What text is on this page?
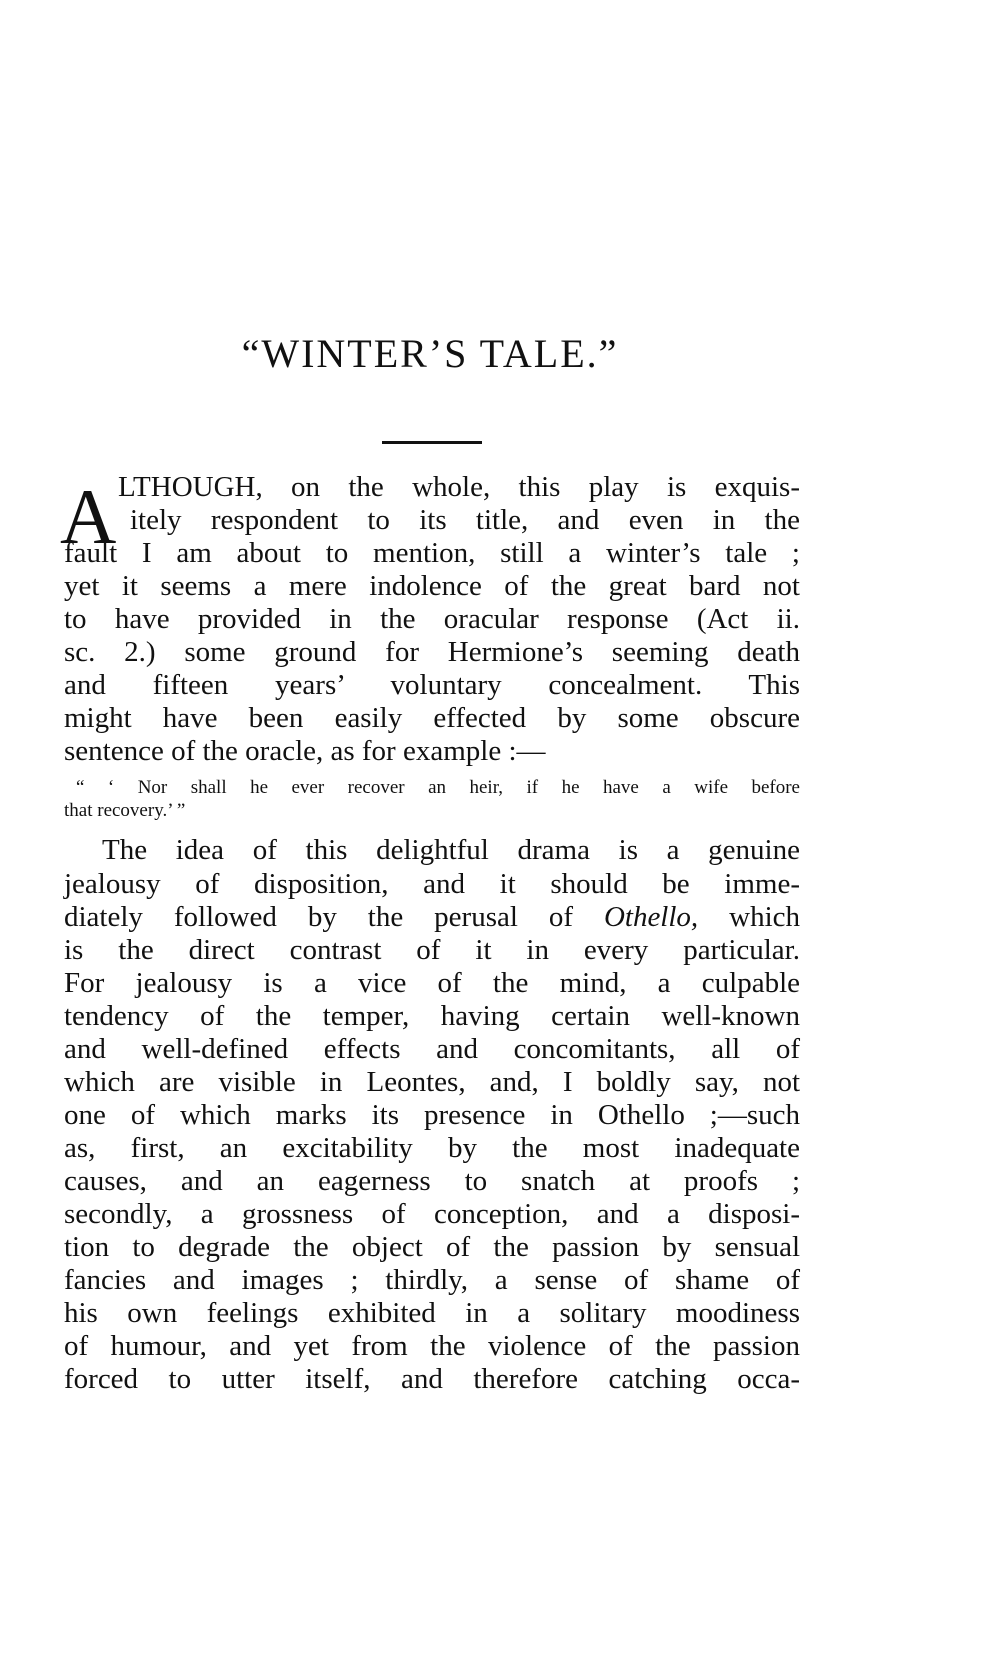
“WINTER’S TALE.”
A LTHOUGH, on the whole, this play is exquis-
itely respondent to its title, and even in the
fault I am about to mention, still a winter’s tale ;
yet it seems a mere indolence of the great bard not
to have provided in the oracular response (Act ii.
sc. 2.) some ground for Hermione’s seeming death
and fifteen years’ voluntary concealment. This
might have been easily effected by some obscure
sentence of the oracle, as for example :—
“ ‘ Nor shall he ever recover an heir, if he have a wife before
that recovery.’ ”
The idea of this delightful drama is a genuine
jealousy of disposition, and it should be imme-
diately followed by the perusal of Othello, which
is the direct contrast of it in every particular.
For jealousy is a vice of the mind, a culpable
tendency of the temper, having certain well-known
and well-defined effects and concomitants, all of
which are visible in Leontes, and, I boldly say, not
one of which marks its presence in Othello ;—such
as, first, an excitability by the most inadequate
causes, and an eagerness to snatch at proofs ;
secondly, a grossness of conception, and a disposi-
tion to degrade the object of the passion by sensual
fancies and images ; thirdly, a sense of shame of
his own feelings exhibited in a solitary moodiness
of humour, and yet from the violence of the passion
forced to utter itself, and therefore catching occa-
